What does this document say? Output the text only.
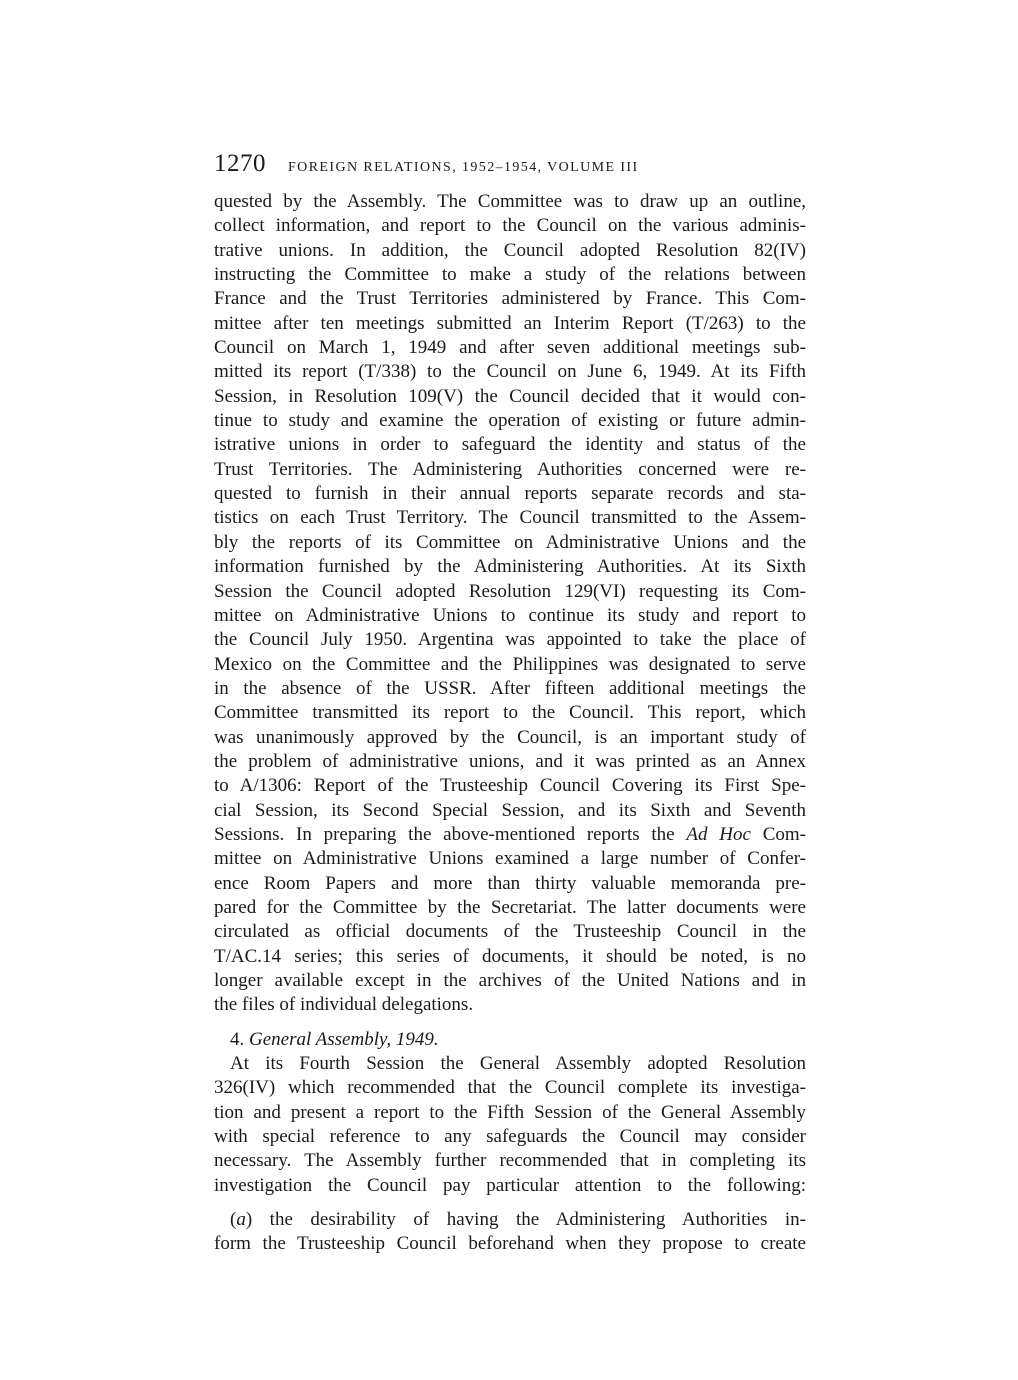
1270 FOREIGN RELATIONS, 1952–1954, VOLUME III

quested by the Assembly. The Committee was to draw up an outline,

collect information, and report to the Council on the various adminis-

trative unions. In addition, the Council adopted Resolution 82(IV)

instructing the Committee to make a study of the relations between

France and the Trust Territories administered by France. This Com-

mittee after ten meetings submitted an Interim Report (T/263) to the

Council on March 1, 1949 and after seven additional meetings sub-

mitted its report (T/338) to the Council on June 6, 1949. At its Fifth

Session, in Resolution 109(V) the Council decided that it would con-

tinue to study and examine the operation of existing or future admin-

istrative unions in order to safeguard the identity and status of the

Trust Territories. The Administering Authorities concerned were re-

quested to furnish in their annual reports separate records and sta-

tistics on each Trust Territory. The Council transmitted to the Assem-

bly the reports of its Committee on Administrative Unions and the

information furnished by the Administering Authorities. At its Sixth

Session the Council adopted Resolution 129(VI) requesting its Com-

mittee on Administrative Unions to continue its study and report to

the Council July 1950. Argentina was appointed to take the place of

Mexico on the Committee and the Philippines was designated to serve

in the absence of the USSR. After fifteen additional meetings the

Committee transmitted its report to the Council. This report, which

was unanimously approved by the Council, is an important study of

the problem of administrative unions, and it was printed as an Annex

to A/1306: Report of the Trusteeship Council Covering its First Spe-

cial Session, its Second Special Session, and its Sixth and Seventh

Sessions. In preparing the above-mentioned reports the Ad Hoc Com-

mittee on Administrative Unions examined a large number of Confer-

ence Room Papers and more than thirty valuable memoranda pre-

pared for the Committee by the Secretariat. The latter documents were

circulated as official documents of the Trusteeship Council in the

T/AC.14 series; this series of documents, it should be noted, is no

longer available except in the archives of the United Nations and in

the files of individual delegations.

4. General Assembly, 1949.

At its Fourth Session the General Assembly adopted Resolution

326(IV) which recommended that the Council complete its investiga-

tion and present a report to the Fifth Session of the General Assembly

with special reference to any safeguards the Council may consider

necessary. The Assembly further recommended that in completing its

investigation the Council pay particular attention to the following:

(a) the desirability of having the Administering Authorities in-

form the Trusteeship Council beforehand when they propose to create
